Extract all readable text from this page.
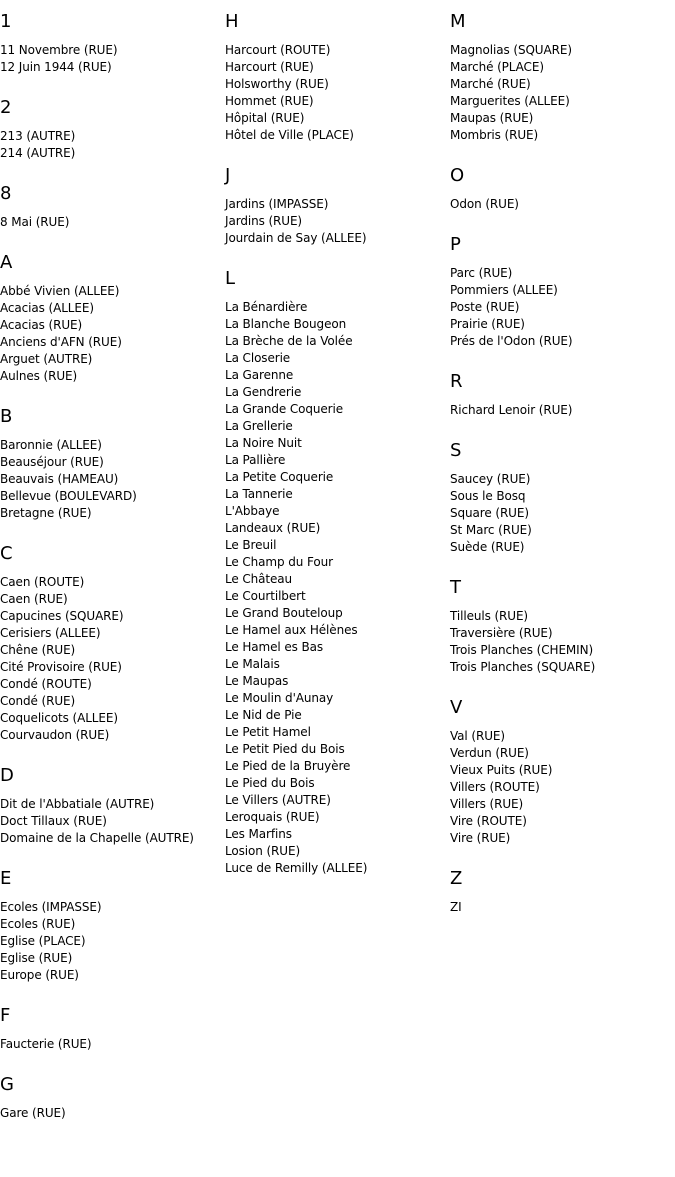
1
11 Novembre (RUE)
12 Juin 1944 (RUE)
2
213 (AUTRE)
214 (AUTRE)
8
8 Mai (RUE)
A
Abbé Vivien (ALLEE)
Acacias (ALLEE)
Acacias (RUE)
Anciens d'AFN (RUE)
Arguet (AUTRE)
Aulnes (RUE)
B
Baronnie (ALLEE)
Beauséjour (RUE)
Beauvais (HAMEAU)
Bellevue (BOULEVARD)
Bretagne (RUE)
C
Caen (ROUTE)
Caen (RUE)
Capucines (SQUARE)
Cerisiers (ALLEE)
Chêne (RUE)
Cité Provisoire (RUE)
Condé (ROUTE)
Condé (RUE)
Coquelicots (ALLEE)
Courvaudon (RUE)
D
Dit de l'Abbatiale (AUTRE)
Doct Tillaux (RUE)
Domaine de la Chapelle (AUTRE)
E
Ecoles (IMPASSE)
Ecoles (RUE)
Eglise (PLACE)
Eglise (RUE)
Europe (RUE)
F
Faucterie (RUE)
G
Gare (RUE)
H
Harcourt (ROUTE)
Harcourt (RUE)
Holsworthy (RUE)
Hommet (RUE)
Hôpital (RUE)
Hôtel de Ville (PLACE)
J
Jardins (IMPASSE)
Jardins (RUE)
Jourdain de Say (ALLEE)
L
La Bénardière
La Blanche Bougeon
La Brèche de la Volée
La Closerie
La Garenne
La Gendrerie
La Grande Coquerie
La Grellerie
La Noire Nuit
La Pallière
La Petite Coquerie
La Tannerie
L'Abbaye
Landeaux (RUE)
Le Breuil
Le Champ du Four
Le Château
Le Courtilbert
Le Grand Bouteloup
Le Hamel aux Hélènes
Le Hamel es Bas
Le Malais
Le Maupas
Le Moulin d'Aunay
Le Nid de Pie
Le Petit Hamel
Le Petit Pied du Bois
Le Pied de la Bruyère
Le Pied du Bois
Le Villers (AUTRE)
Leroquais (RUE)
Les Marfins
Losion (RUE)
Luce de Remilly (ALLEE)
M
Magnolias (SQUARE)
Marché (PLACE)
Marché (RUE)
Marguerites (ALLEE)
Maupas (RUE)
Mombris (RUE)
O
Odon (RUE)
P
Parc (RUE)
Pommiers (ALLEE)
Poste (RUE)
Prairie (RUE)
Prés de l'Odon (RUE)
R
Richard Lenoir (RUE)
S
Saucey (RUE)
Sous le Bosq
Square (RUE)
St Marc (RUE)
Suède (RUE)
T
Tilleuls (RUE)
Traversière (RUE)
Trois Planches (CHEMIN)
Trois Planches (SQUARE)
V
Val (RUE)
Verdun (RUE)
Vieux Puits (RUE)
Villers (ROUTE)
Villers (RUE)
Vire (ROUTE)
Vire (RUE)
Z
ZI
